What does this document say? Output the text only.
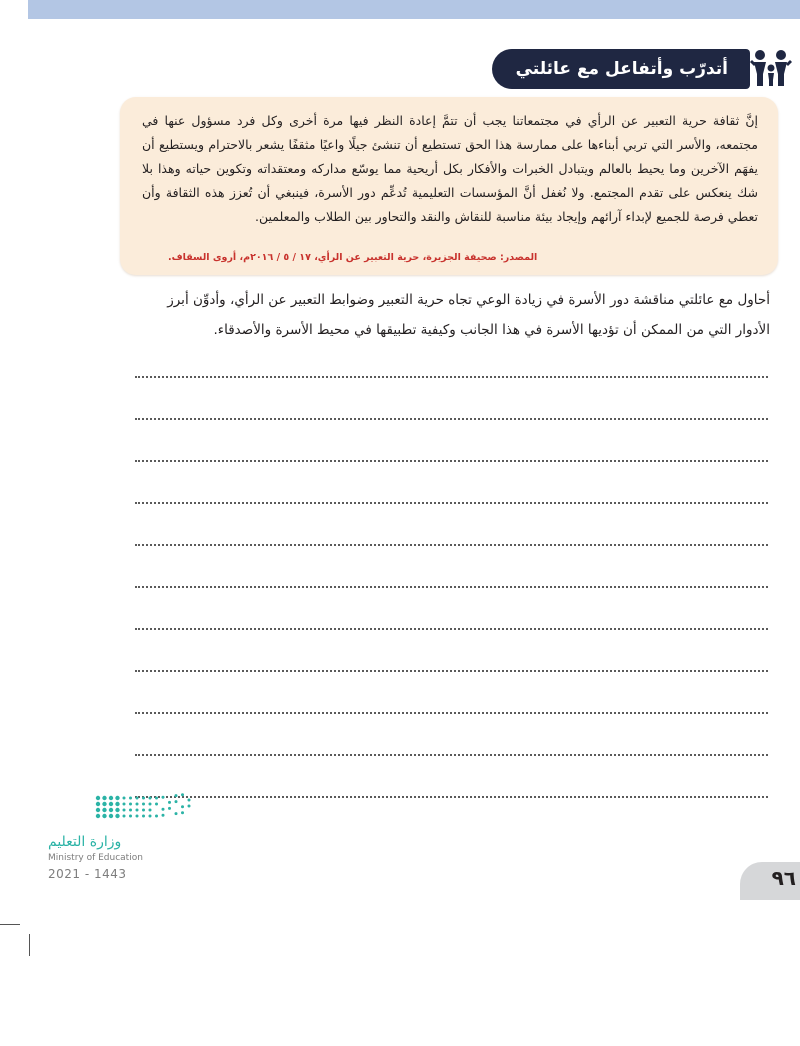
أتدرّب وأتفاعل مع عائلتي

إنَّ ثقافة حرية التعبير عن الرأي في مجتمعاتنا يجب أن تتمَّ إعادة النظر فيها مرة أخرى وكل فرد مسؤول عنها في مجتمعه، والأسر التي تربي أبناءها على ممارسة هذا الحق تستطيع أن تنشئ جيلًا واعيًا مثقفًا يشعر بالاحترام ويستطيع أن يفهَم الآخرين وما يحيط بالعالم ويتبادل الخبرات والأفكار بكل أريحية مما يوسّع مداركه ومعتقداته وتكوين حياته وهذا بلا شك ينعكس على تقدم المجتمع. ولا نُغفل أنَّ المؤسسات التعليمية تُدعِّم دور الأسرة، فينبغي أن تُعزز هذه الثقافة وأن تعطي فرصة للجميع لإبداء آرائهم وإيجاد بيئة مناسبة للنقاش والنقد والتحاور بين الطلاب والمعلمين.

المصدر: صحيفة الجزيرة، حرية التعبير عن الرأي، ١٧ / ٥ / ٢٠١٦م، أروى السقاف.

أحاول مع عائلتي مناقشة دور الأسرة في زيادة الوعي تجاه حرية التعبير وضوابط التعبير عن الرأي، وأدوِّن أبرز الأدوار التي من الممكن أن تؤديها الأسرة في هذا الجانب وكيفية تطبيقها في محيط الأسرة والأصدقاء.

وزارة التعليم
Ministry of Education
2021 - 1443	٩٦
